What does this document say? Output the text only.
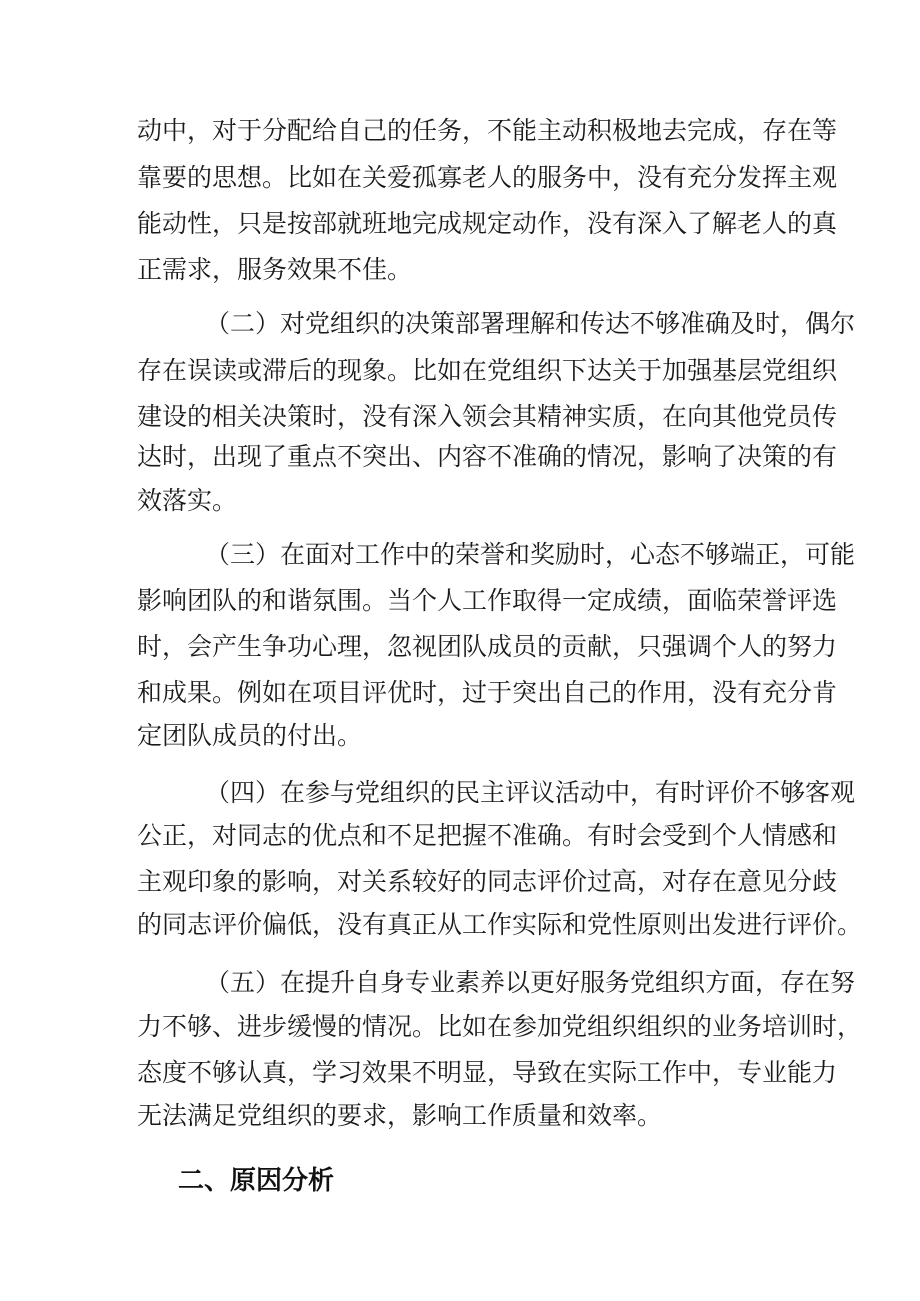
动中，对于分配给自己的任务，不能主动积极地去完成，存在等
靠要的思想。比如在关爱孤寡老人的服务中，没有充分发挥主观
能动性，只是按部就班地完成规定动作，没有深入了解老人的真
正需求，服务效果不佳。
（二）对党组织的决策部署理解和传达不够准确及时，偶尔
存在误读或滞后的现象。比如在党组织下达关于加强基层党组织
建设的相关决策时，没有深入领会其精神实质，在向其他党员传
达时，出现了重点不突出、内容不准确的情况，影响了决策的有
效落实。
（三）在面对工作中的荣誉和奖励时，心态不够端正，可能
影响团队的和谐氛围。当个人工作取得一定成绩，面临荣誉评选
时，会产生争功心理，忽视团队成员的贡献，只强调个人的努力
和成果。例如在项目评优时，过于突出自己的作用，没有充分肯
定团队成员的付出。
（四）在参与党组织的民主评议活动中，有时评价不够客观
公正，对同志的优点和不足把握不准确。有时会受到个人情感和
主观印象的影响，对关系较好的同志评价过高，对存在意见分歧
的同志评价偏低，没有真正从工作实际和党性原则出发进行评价。
（五）在提升自身专业素养以更好服务党组织方面，存在努
力不够、进步缓慢的情况。比如在参加党组织组织的业务培训时，
态度不够认真，学习效果不明显，导致在实际工作中，专业能力
无法满足党组织的要求，影响工作质量和效率。
二、原因分析
